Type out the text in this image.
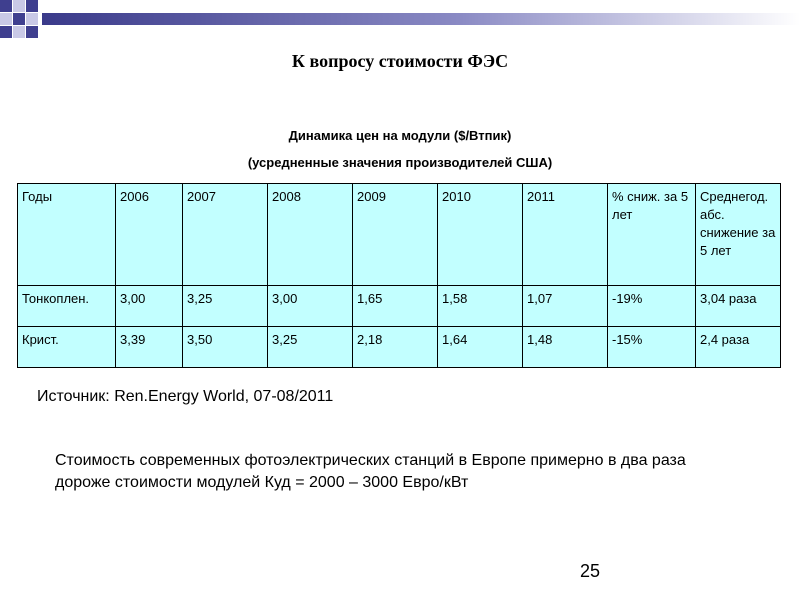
К вопросу стоимости ФЭС
Динамика цен на модули ($/Втпик)
(усредненные значения производителей США)
Годы	2006	2007	2008	2009	2010	2011	% сниж. за 5 лет	Среднегод. абс. снижение за 5 лет
Тонкоплен.	3,00	3,25	3,00	1,65	1,58	1,07	-19%	3,04 раза
Крист.	3,39	3,50	3,25	2,18	1,64	1,48	-15%	2,4 раза
Источник: Ren.Energy World, 07-08/2011
Стоимость современных фотоэлектрических станций в Европе примерно в два раза дороже стоимости модулей Куд = 2000 – 3000 Евро/кВт
25
